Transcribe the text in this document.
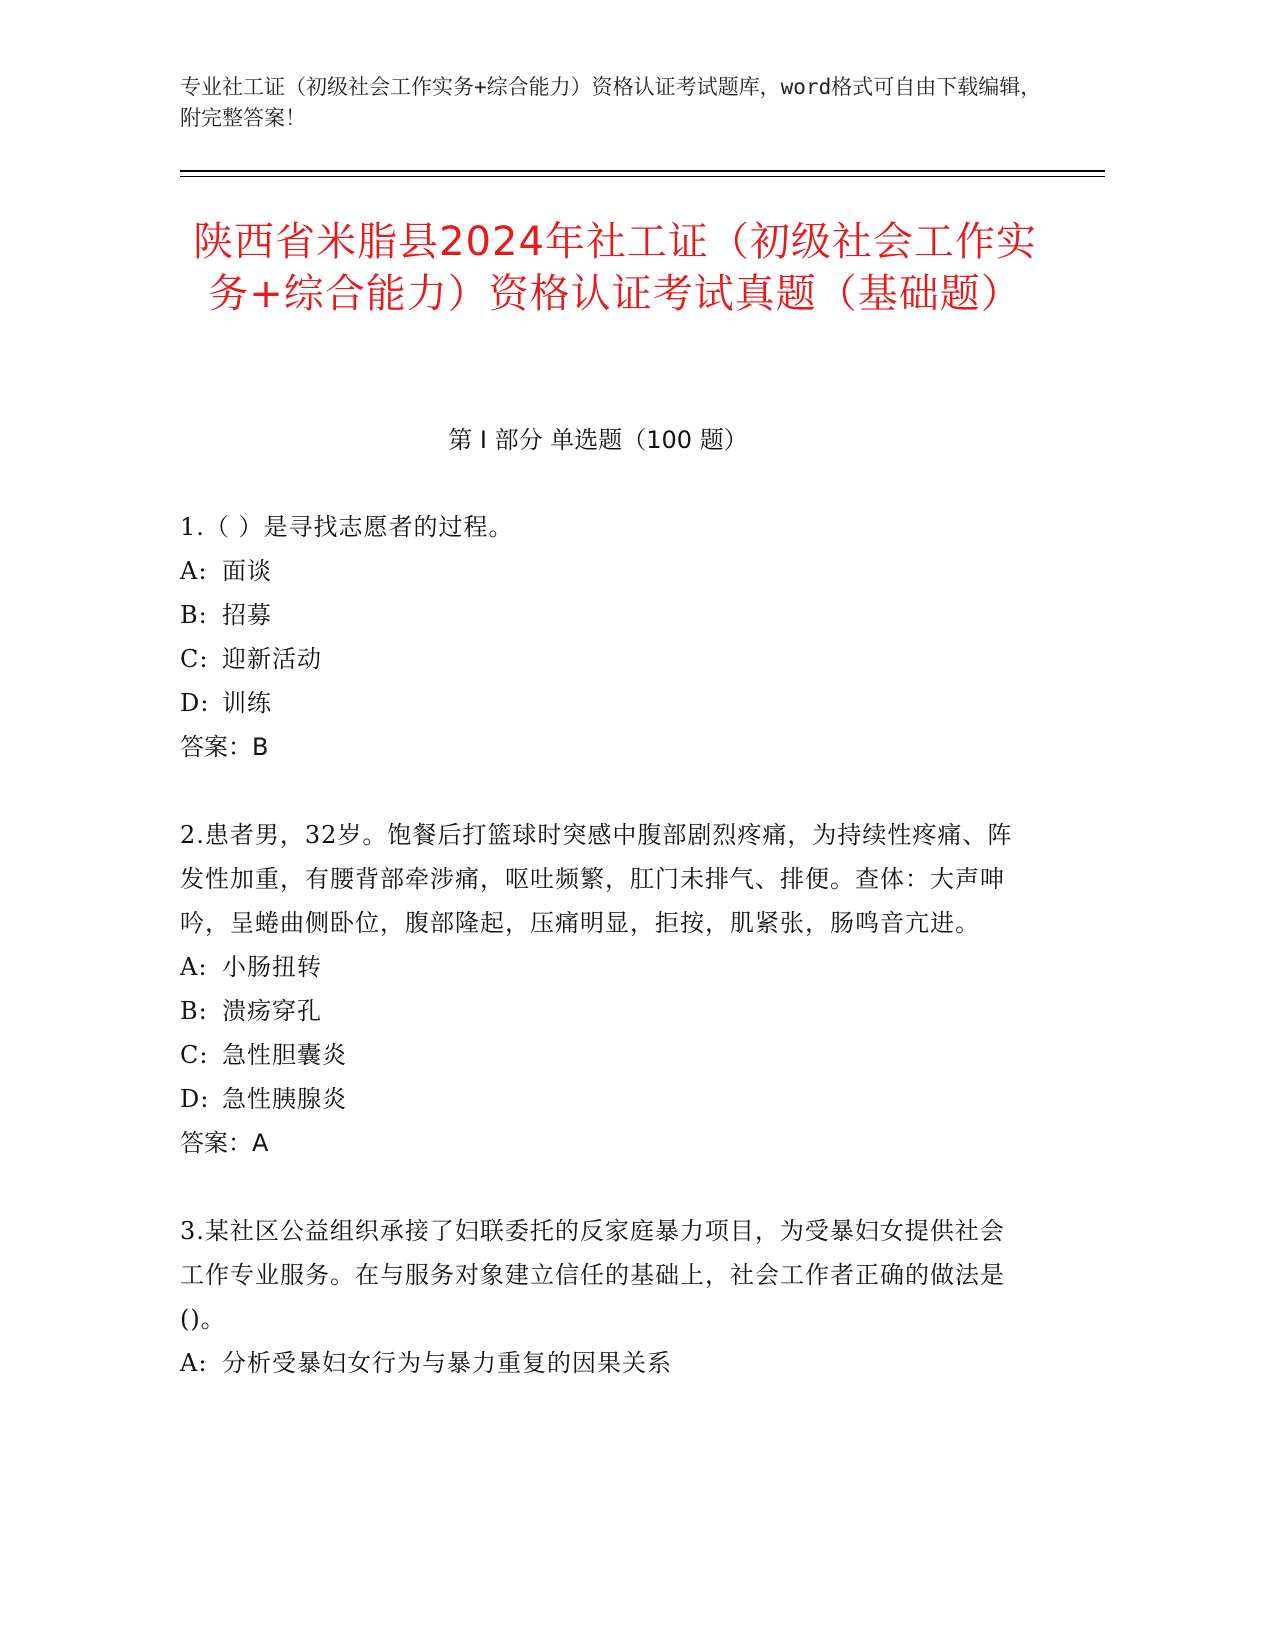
专业社工证（初级社会工作实务+综合能力）资格认证考试题库，word格式可自由下载编辑，附完整答案！
陕西省米脂县2024年社工证（初级社会工作实务+综合能力）资格认证考试真题（基础题）
第 I 部分 单选题（100 题）
1.（ ）是寻找志愿者的过程。
A: 面谈
B: 招募
C: 迎新活动
D: 训练
答案：B
2.患者男，32岁。饱餐后打篮球时突感中腹部剧烈疼痛，为持续性疼痛、阵发性加重，有腰背部牵涉痛，呕吐频繁，肛门未排气、排便。查体：大声呻吟，呈蜷曲侧卧位，腹部隆起，压痛明显，拒按，肌紧张，肠鸣音亢进。
A: 小肠扭转
B: 溃疡穿孔
C: 急性胆囊炎
D: 急性胰腺炎
答案：A
3.某社区公益组织承接了妇联委托的反家庭暴力项目，为受暴妇女提供社会工作专业服务。在与服务对象建立信任的基础上，社会工作者正确的做法是()。
A: 分析受暴妇女行为与暴力重复的因果关系
